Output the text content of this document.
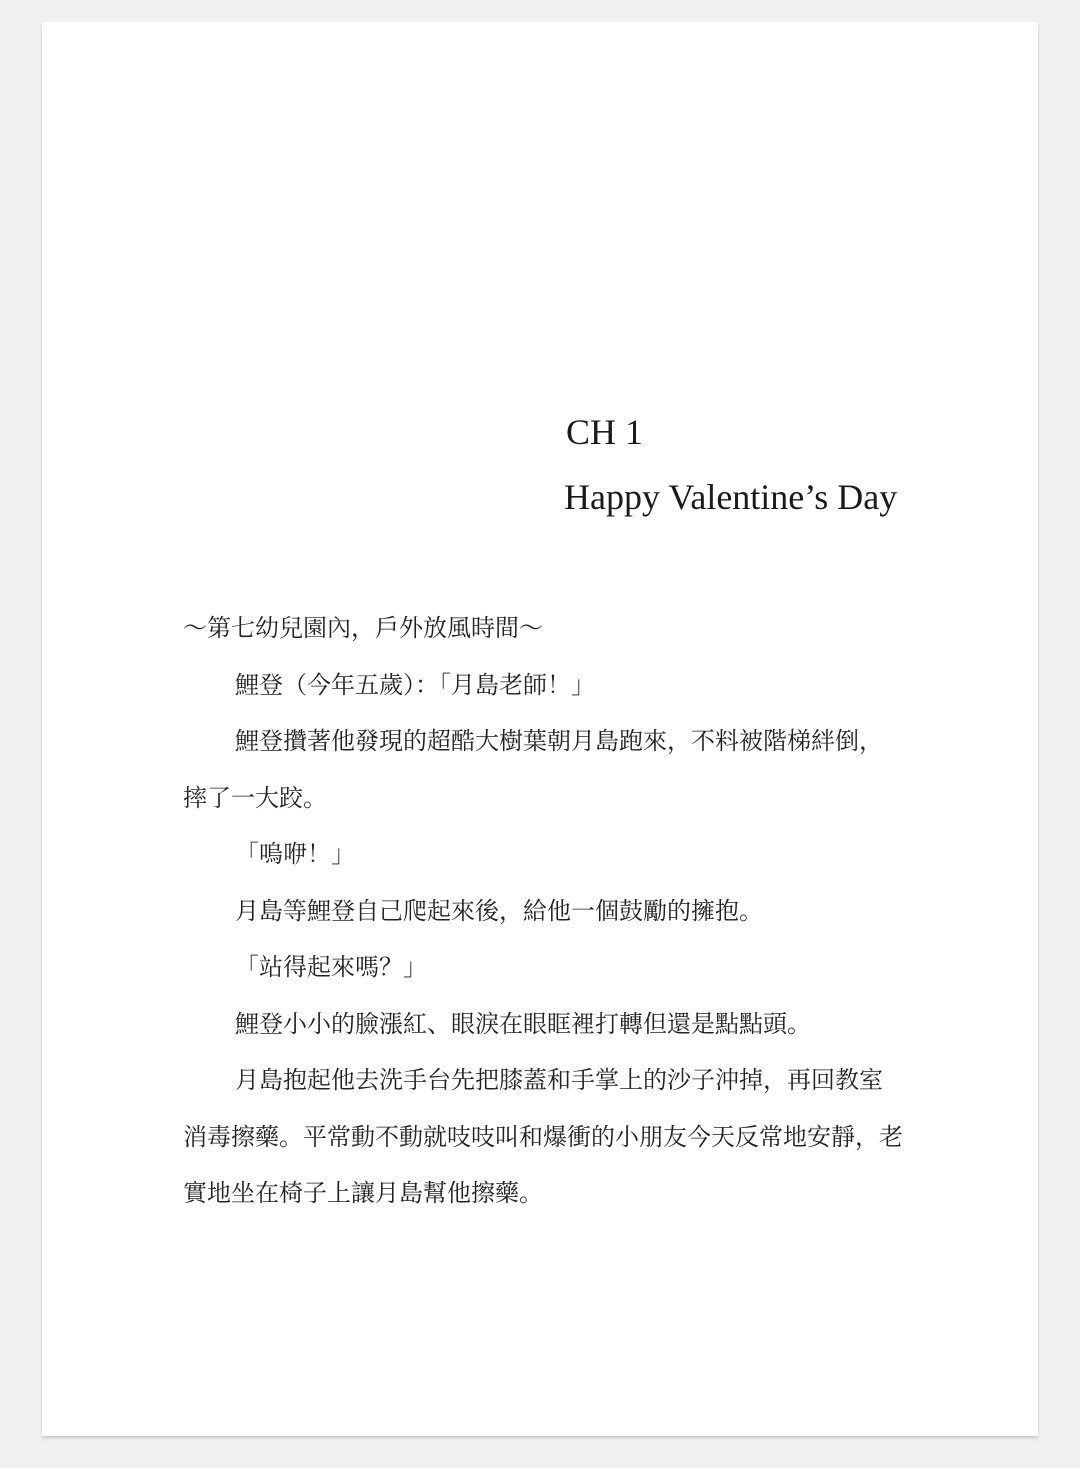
CH 1
Happy Valentine’s Day

～第七幼兒園內，戶外放風時間～

鯉登（今年五歲）：「月島老師！」

鯉登攢著他發現的超酷大樹葉朝月島跑來，不料被階梯絆倒，摔了一大跤。

「嗚咿！」

月島等鯉登自己爬起來後，給他一個鼓勵的擁抱。

「站得起來嗎？」

鯉登小小的臉漲紅、眼淚在眼眶裡打轉但還是點點頭。

月島抱起他去洗手台先把膝蓋和手掌上的沙子沖掉，再回教室消毒擦藥。平常動不動就吱吱叫和爆衝的小朋友今天反常地安靜，老實地坐在椅子上讓月島幫他擦藥。
